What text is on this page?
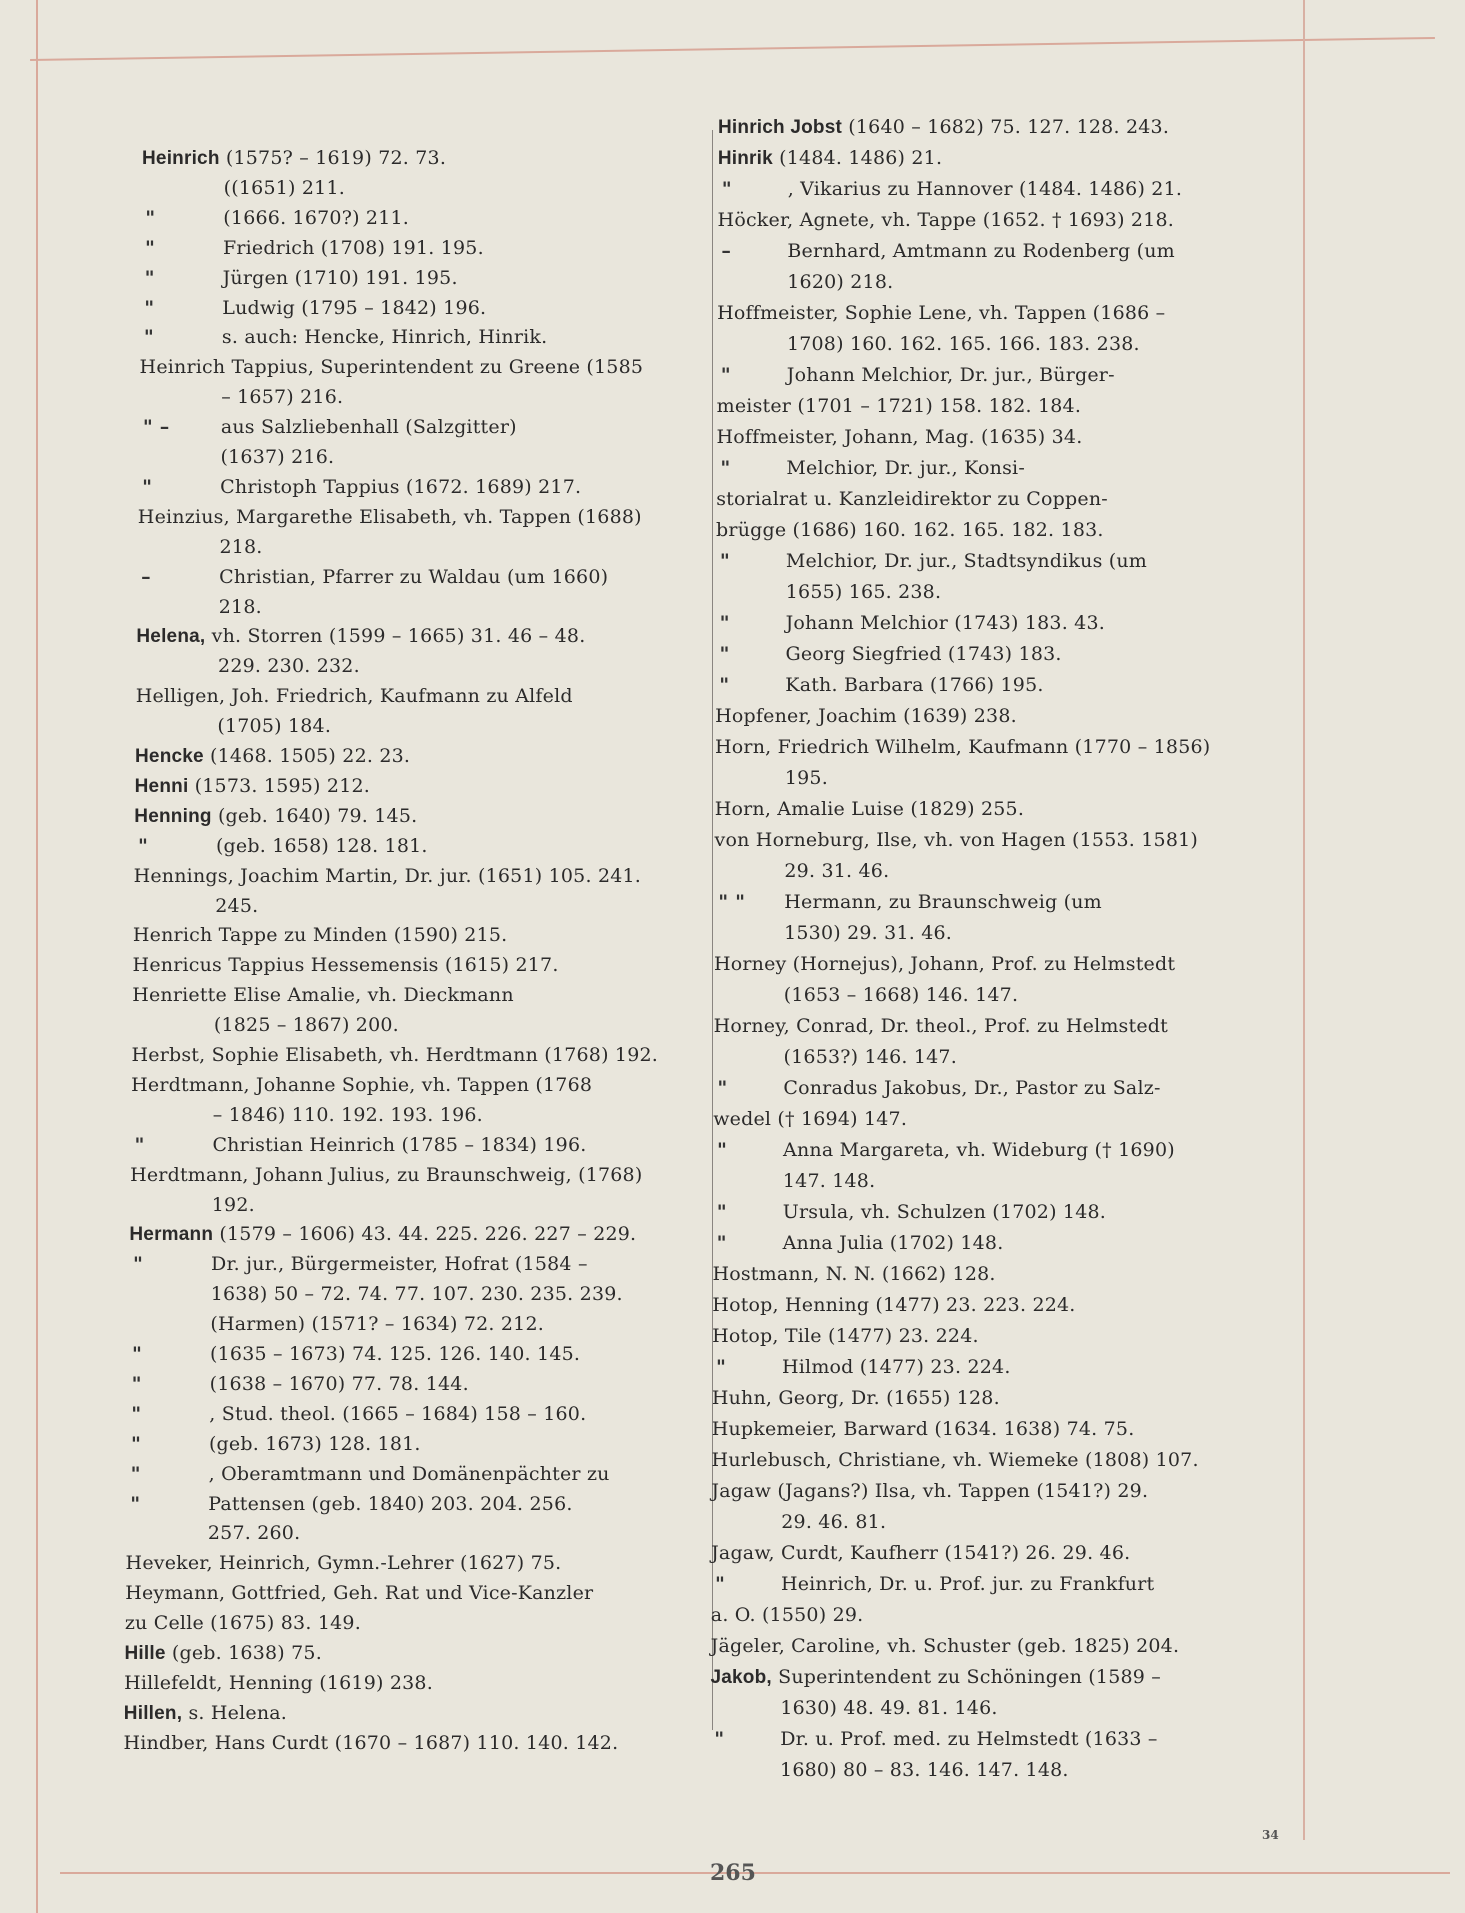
Heinrich (1575? – 1619) 72. 73.
((1651) 211.
"	(1666. 1670?) 211.
"	Friedrich (1708) 191. 195.
"	Jürgen (1710) 191. 195.
"	Ludwig (1795 – 1842) 196.
"	s. auch: Hencke, Hinrich, Hinrik.
Heinrich Tappius, Superintendent zu Greene (1585
– 1657) 216.
" –	aus Salzliebenhall (Salzgitter)
(1637) 216.
"	Christoph Tappius (1672. 1689) 217.
Heinzius, Margarethe Elisabeth, vh. Tappen (1688)
218.
–	Christian, Pfarrer zu Waldau (um 1660)
218.
Helena, vh. Storren (1599 – 1665) 31. 46 – 48.
229. 230. 232.
Helligen, Joh. Friedrich, Kaufmann zu Alfeld
(1705) 184.
Hencke (1468. 1505) 22. 23.
Henni (1573. 1595) 212.
Henning (geb. 1640) 79. 145.
"	(geb. 1658) 128. 181.
Hennings, Joachim Martin, Dr. jur. (1651) 105. 241.
245.
Henrich Tappe zu Minden (1590) 215.
Henricus Tappius Hessemensis (1615) 217.
Henriette Elise Amalie, vh. Dieckmann
(1825 – 1867) 200.
Herbst, Sophie Elisabeth, vh. Herdtmann (1768) 192.
Herdtmann, Johanne Sophie, vh. Tappen (1768
– 1846) 110. 192. 193. 196.
"	Christian Heinrich (1785 – 1834) 196.
Herdtmann, Johann Julius, zu Braunschweig, (1768)
192.
Hermann (1579 – 1606) 43. 44. 225. 226. 227 – 229.
"	Dr. jur., Bürgermeister, Hofrat (1584 –
1638) 50 – 72. 74. 77. 107. 230. 235. 239.
(Harmen) (1571? – 1634) 72. 212.
"	(1635 – 1673) 74. 125. 126. 140. 145.
"	(1638 – 1670) 77. 78. 144.
"	, Stud. theol. (1665 – 1684) 158 – 160.
"	(geb. 1673) 128. 181.
"	, Oberamtmann und Domänenpächter zu
"	Pattensen (geb. 1840) 203. 204. 256.
257. 260.
Heveker, Heinrich, Gymn.-Lehrer (1627) 75.
Heymann, Gottfried, Geh. Rat und Vice-Kanzler
zu Celle (1675) 83. 149.
Hille (geb. 1638) 75.
Hillefeldt, Henning (1619) 238.
Hillen, s. Helena.
Hindber, Hans Curdt (1670 – 1687) 110. 140. 142.
Hinrich Jobst (1640 – 1682) 75. 127. 128. 243.
Hinrik (1484. 1486) 21.
"	, Vikarius zu Hannover (1484. 1486) 21.
Höcker, Agnete, vh. Tappe (1652. † 1693) 218.
–	Bernhard, Amtmann zu Rodenberg (um
1620) 218.
Hoffmeister, Sophie Lene, vh. Tappen (1686 –
1708) 160. 162. 165. 166. 183. 238.
"	Johann Melchior, Dr. jur., Bürger-
meister (1701 – 1721) 158. 182. 184.
Hoffmeister, Johann, Mag. (1635) 34.
"	Melchior, Dr. jur., Konsi-
storialrat u. Kanzleidirektor zu Coppen-
brügge (1686) 160. 162. 165. 182. 183.
"	Melchior, Dr. jur., Stadtsyndikus (um
1655) 165. 238.
"	Johann Melchior (1743) 183. 43.
"	Georg Siegfried (1743) 183.
"	Kath. Barbara (1766) 195.
Hopfener, Joachim (1639) 238.
Horn, Friedrich Wilhelm, Kaufmann (1770 – 1856)
195.
Horn, Amalie Luise (1829) 255.
von Horneburg, Ilse, vh. von Hagen (1553. 1581)
29. 31. 46.
" " Hermann, zu Braunschweig (um
1530) 29. 31. 46.
Horney (Hornejus), Johann, Prof. zu Helmstedt
(1653 – 1668) 146. 147.
Horney, Conrad, Dr. theol., Prof. zu Helmstedt
(1653?) 146. 147.
"	Conradus Jakobus, Dr., Pastor zu Salz-
wedel († 1694) 147.
"	Anna Margareta, vh. Wideburg († 1690)
147. 148.
"	Ursula, vh. Schulzen (1702) 148.
"	Anna Julia (1702) 148.
Hostmann, N. N. (1662) 128.
Hotop, Henning (1477) 23. 223. 224.
Hotop, Tile (1477) 23. 224.
"	Hilmod (1477) 23. 224.
Huhn, Georg, Dr. (1655) 128.
Hupkemeier, Barward (1634. 1638) 74. 75.
Hurlebusch, Christiane, vh. Wiemeke (1808) 107.
Jagaw (Jagans?) Ilsa, vh. Tappen (1541?) 29.
29. 46. 81.
Jagaw, Curdt, Kaufherr (1541?) 26. 29. 46.
"	Heinrich, Dr. u. Prof. jur. zu Frankfurt
a. O. (1550) 29.
Jägeler, Caroline, vh. Schuster (geb. 1825) 204.
Jakob, Superintendent zu Schöningen (1589 –
1630) 48. 49. 81. 146.
"	Dr. u. Prof. med. zu Helmstedt (1633 –
1680) 80 – 83. 146. 147. 148.
34
265
